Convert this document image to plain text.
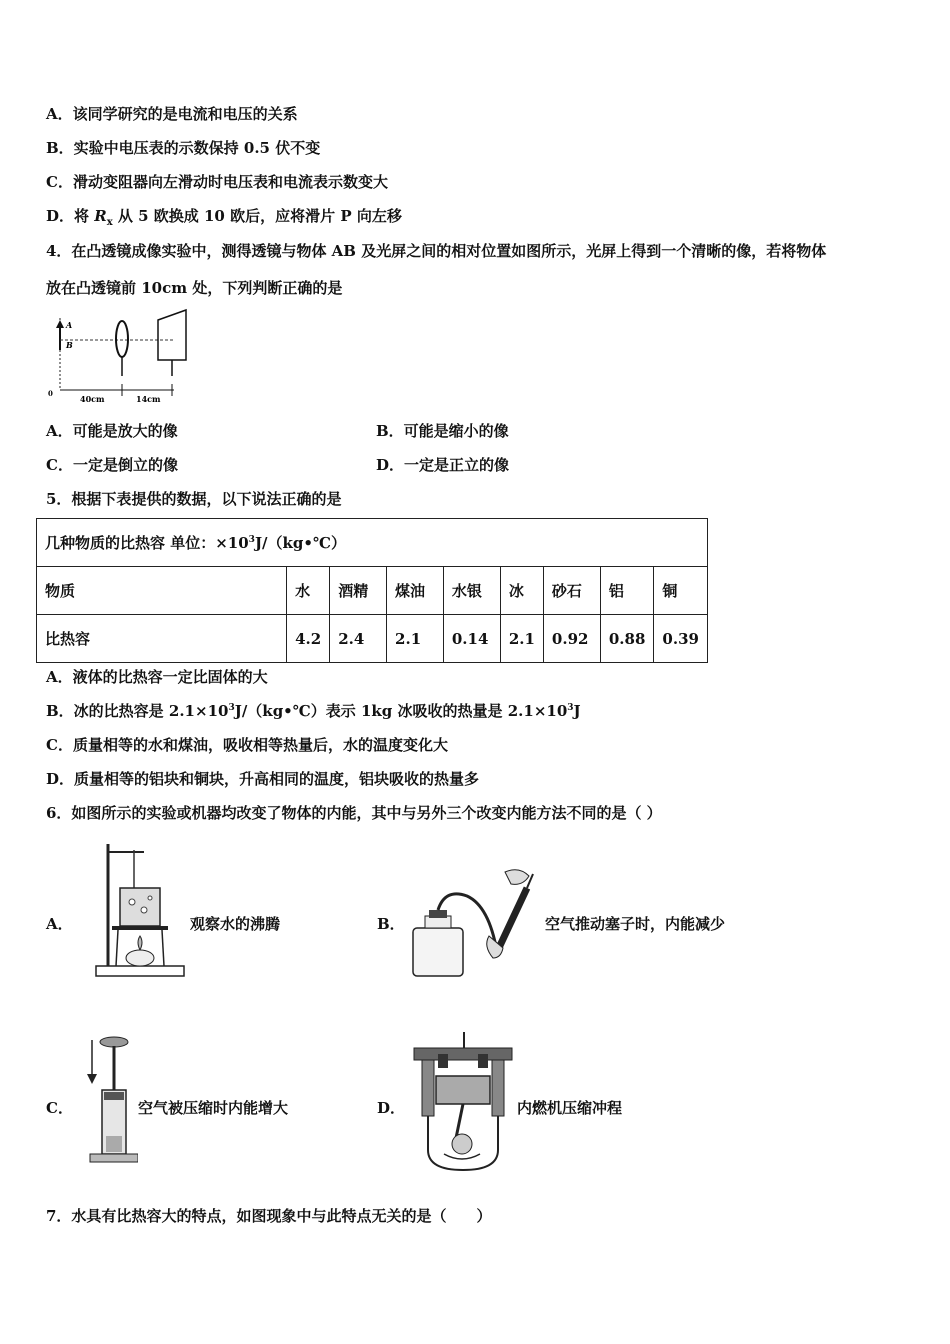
A．该同学研究的是电流和电压的关系
B．实验中电压表的示数保持 0.5 伏不变
C．滑动变阻器向左滑动时电压表和电流表示数变大
D．将 $R_x$ 从 5 欧换成 10 欧后，应将滑片 P 向左移
4．在凸透镜成像实验中，测得透镜与物体 AB 及光屏之间的相对位置如图所示，光屏上得到一个清晰的像，若将物体
放在凸透镜前 10cm 处，下列判断正确的是
A
B
0
40cm	14cm
A．可能是放大的像	B．可能是缩小的像
C．一定是倒立的像	D．一定是正立的像
5．根据下表提供的数据，以下说法正确的是
几种物质的比热容 单位：$\times 10^3J/(kg•℃)$								
物质	水	酒精	煤油	水银	冰	砂石	铝	铜
比热容	4.2	2.4	2.1	0.14	2.1	0.92	0.88	0.39
A．液体的比热容一定比固体的大
B．冰的比热容是 $2.1\times 10^3J/(kg•℃)$表示 1kg 冰吸收的热量是 $2.1\times 10^3J$
C．质量相等的水和煤油，吸收相等热量后，水的温度变化大
D．质量相等的铝块和铜块，升高相同的温度，铝块吸收的热量多
6．如图所示的实验或机器均改变了物体的内能，其中与另外三个改变内能方法不同的是（ ）
A．	观察水的沸腾	B．	空气推动塞子时，内能减少
C．	空气被压缩时内能增大	D．	内燃机压缩冲程
7．水具有比热容大的特点，如图现象中与此特点无关的是（　　）
